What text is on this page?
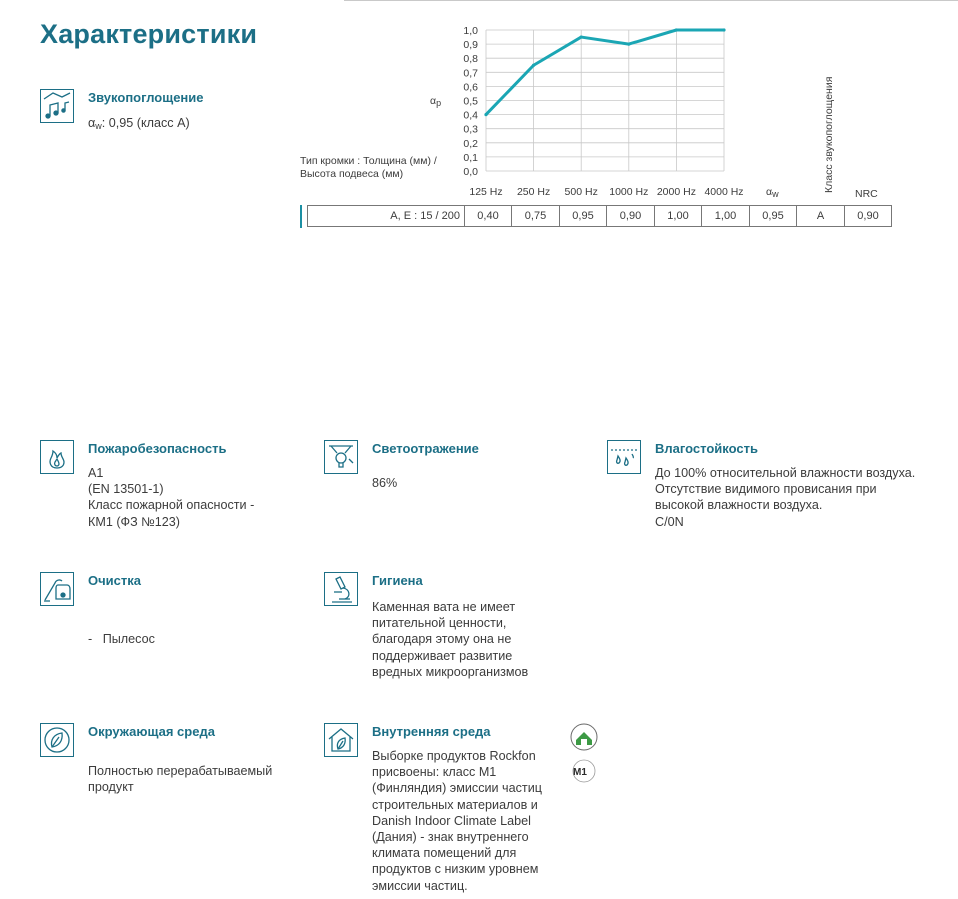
Характеристики
Звукопоглощение
$\alpha_w$: 0,95 (класс А)
1,0
0,9
0,8
0,7
0,6
0,5
0,4
0,3
0,2
0,1
0,0
125 Hz 250 Hz 500 Hz 1000 Hz 2000 Hz 4000 Hz
αp
Тип кромки : Толщина (мм) / Высота подвеса (мм)	Класс звукопоглощения
αw	NRC
A, E : 15 / 200	0,40	0,75	0,95	0,90	1,00	1,00	0,95	A	0,90
Пожаробезопасность
A1
(EN 13501-1)
Класс пожарной опасности -
КМ1 (ФЗ №123)
Светоотражение
86%
Влагостойкость
До 100% относительной влажности воздуха.
Отсутствие видимого провисания при
высокой влажности воздуха.
C/0N
Очистка

-   Пылесос

Гигиена
Каменная вата не имеет
питательной ценности,
благодаря этому она не
поддерживает развитие
вредных микроорганизмов
Окружающая среда
Полностью перерабатываемый
продукт
Внутренняя среда
Выборке продуктов Rockfon
присвоены: класс M1
(Финляндия) эмиссии частиц
строительных материалов и
Danish Indoor Climate Label
(Дания) - знак внутреннего
климата помещений для
продуктов с низким уровнем
эмиссии частиц.
M1
